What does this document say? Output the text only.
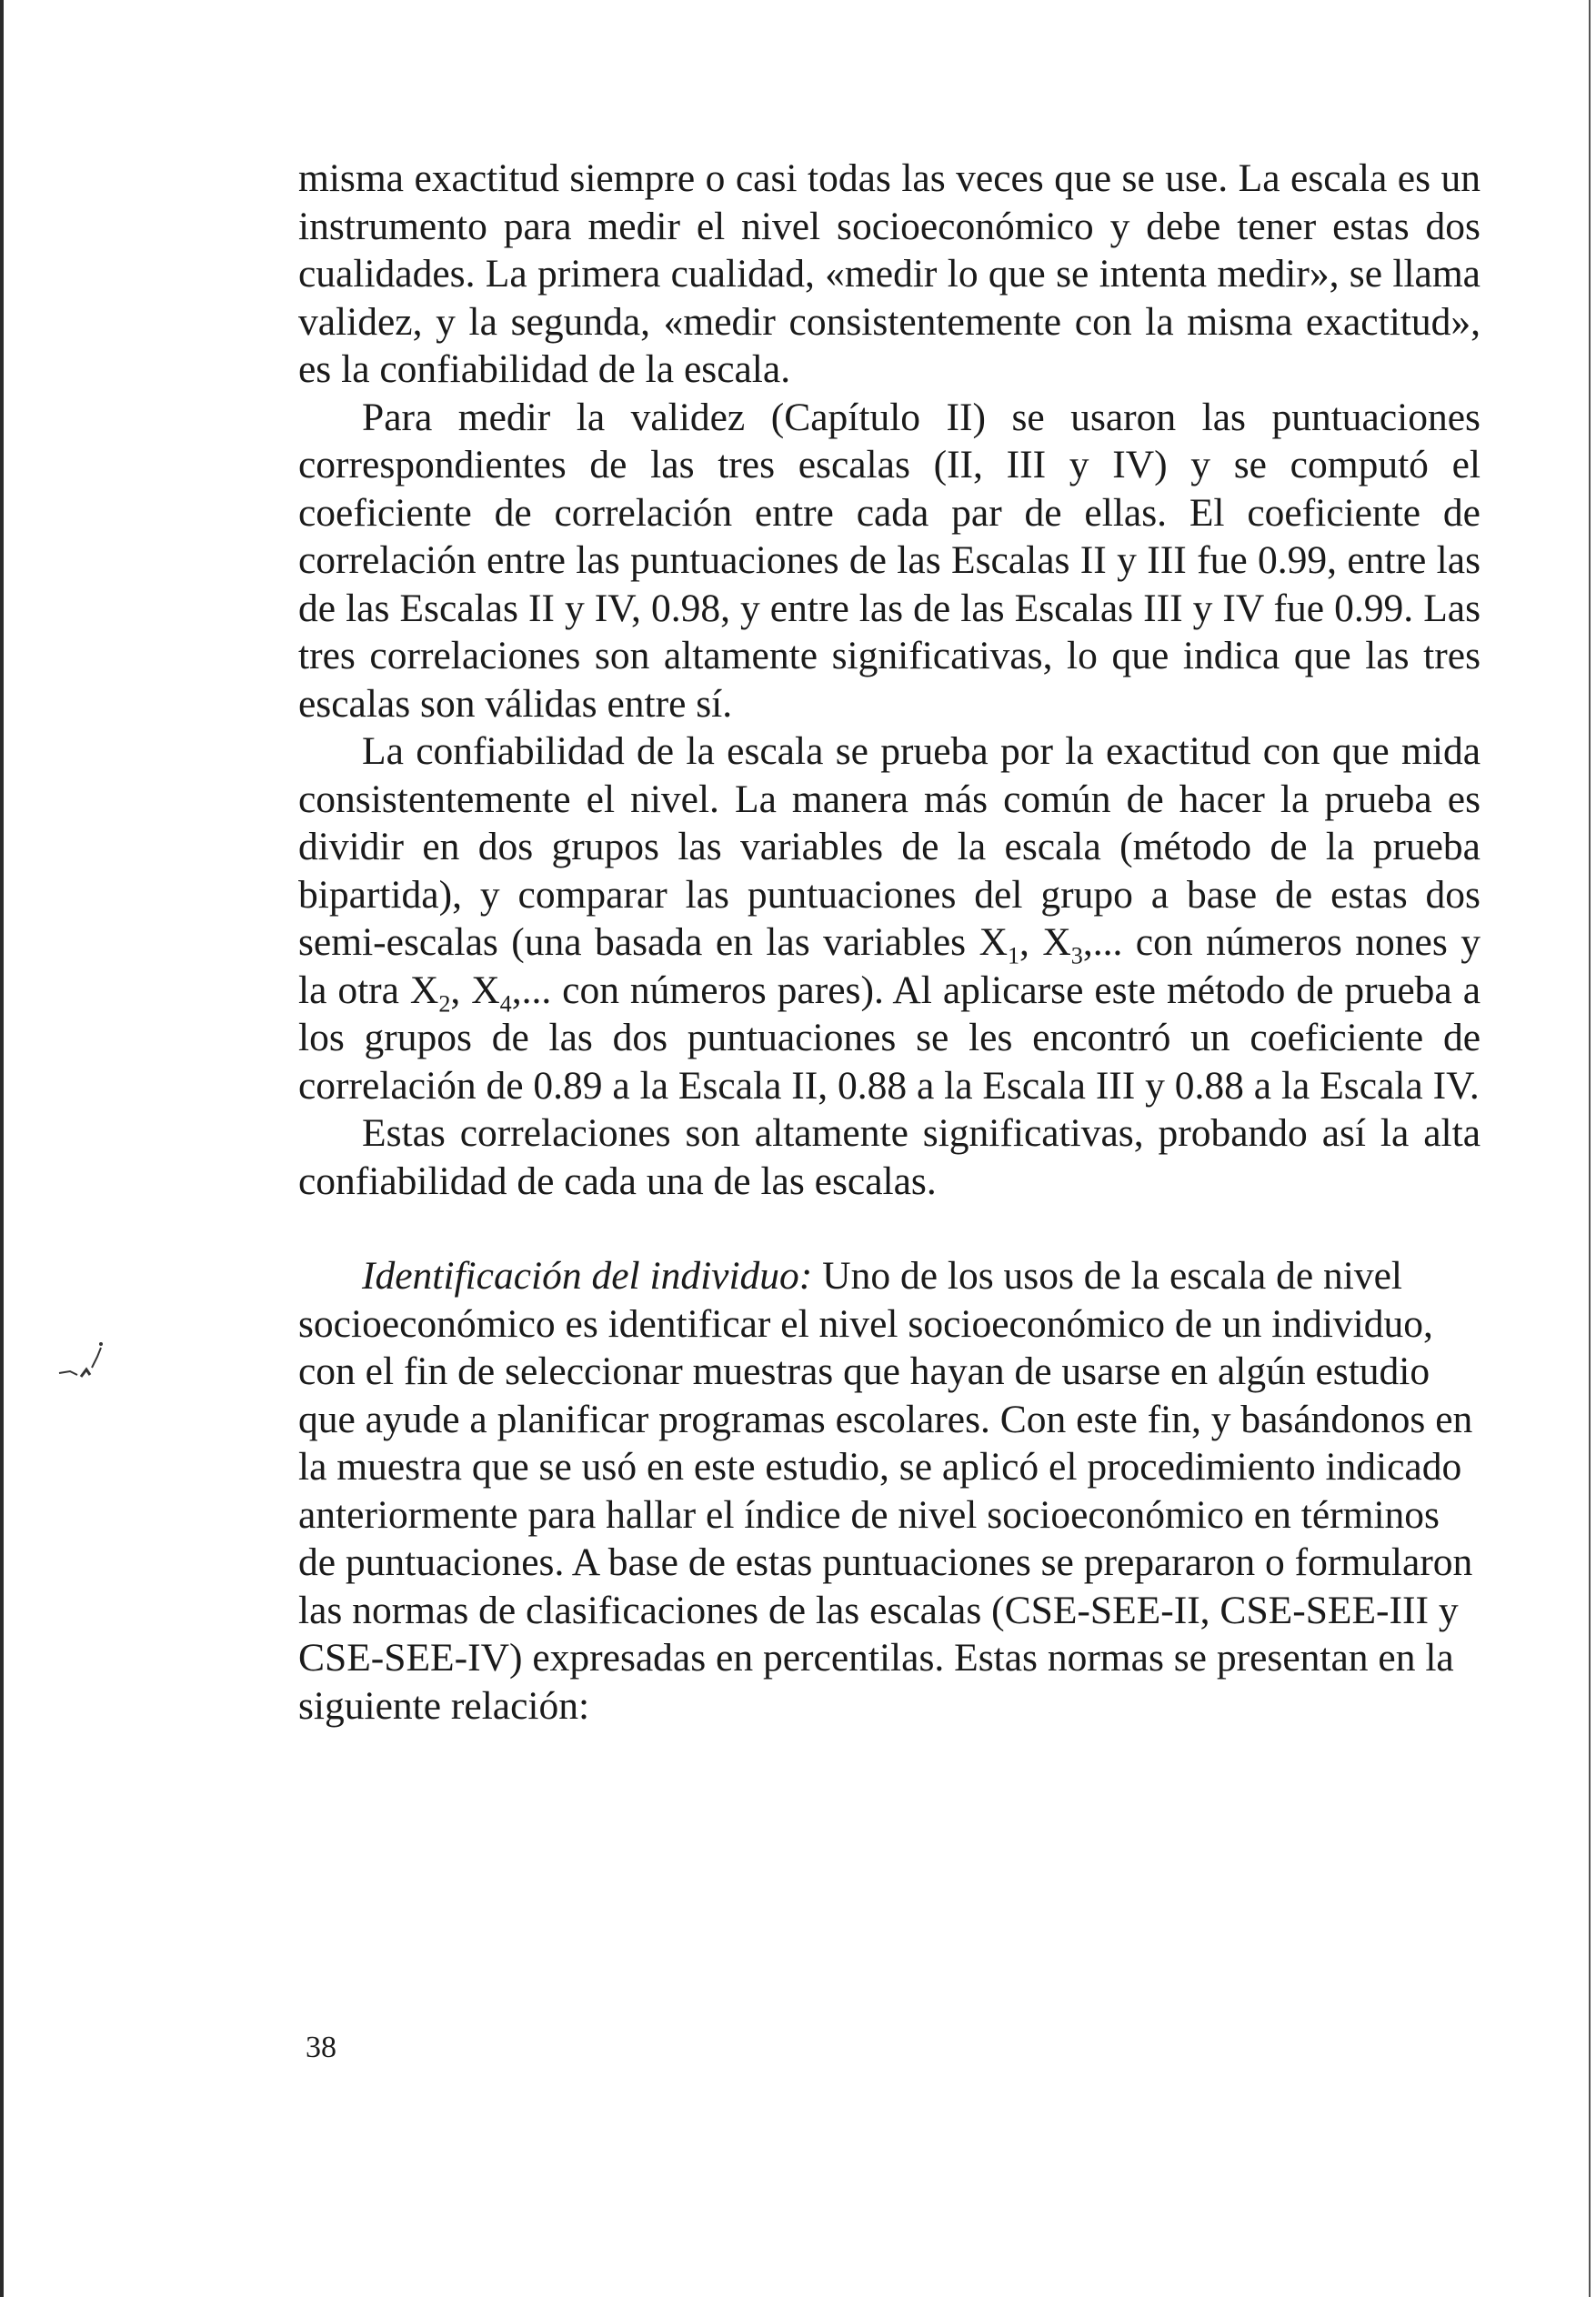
misma exactitud siempre o casi todas las veces que se use. La escala es un instrumento para medir el nivel socioeconómico y debe tener estas dos cualidades. La primera cualidad, «medir lo que se intenta medir», se llama validez, y la segunda, «medir consistentemente con la misma exactitud», es la confiabilidad de la escala.

Para medir la validez (Capítulo II) se usaron las puntuaciones correspondientes de las tres escalas (II, III y IV) y se computó el coeficiente de correlación entre cada par de ellas. El coeficiente de correlación entre las puntuaciones de las Escalas II y III fue 0.99, entre las de las Escalas II y IV, 0.98, y entre las de las Escalas III y IV fue 0.99. Las tres correlaciones son altamente significativas, lo que indica que las tres escalas son válidas entre sí.

La confiabilidad de la escala se prueba por la exactitud con que mida consistentemente el nivel. La manera más común de hacer la prueba es dividir en dos grupos las variables de la escala (método de la prueba bipartida), y comparar las puntuaciones del grupo a base de estas dos semi-escalas (una basada en las variables $X_1$, $X_3$,... con números nones y la otra $X_2$, $X_4$,... con números pares). Al aplicarse este método de prueba a los grupos de las dos puntuaciones se les encontró un coeficiente de correlación de 0.89 a la Escala II, 0.88 a la Escala III y 0.88 a la Escala IV.

Estas correlaciones son altamente significativas, probando así la alta confiabilidad de cada una de las escalas.

Identificación del individuo: Uno de los usos de la escala de nivel socioeconómico es identificar el nivel socioeconómico de un individuo, con el fin de seleccionar muestras que hayan de usarse en algún estudio que ayude a planificar programas escolares. Con este fin, y basándonos en la muestra que se usó en este estudio, se aplicó el procedimiento indicado anteriormente para hallar el índice de nivel socioeconómico en términos de puntuaciones. A base de estas puntuaciones se prepararon o formularon las normas de clasificaciones de las escalas (CSE-SEE-II, CSE-SEE-III y CSE-SEE-IV) expresadas en percentilas. Estas normas se presentan en la siguiente relación:

38
